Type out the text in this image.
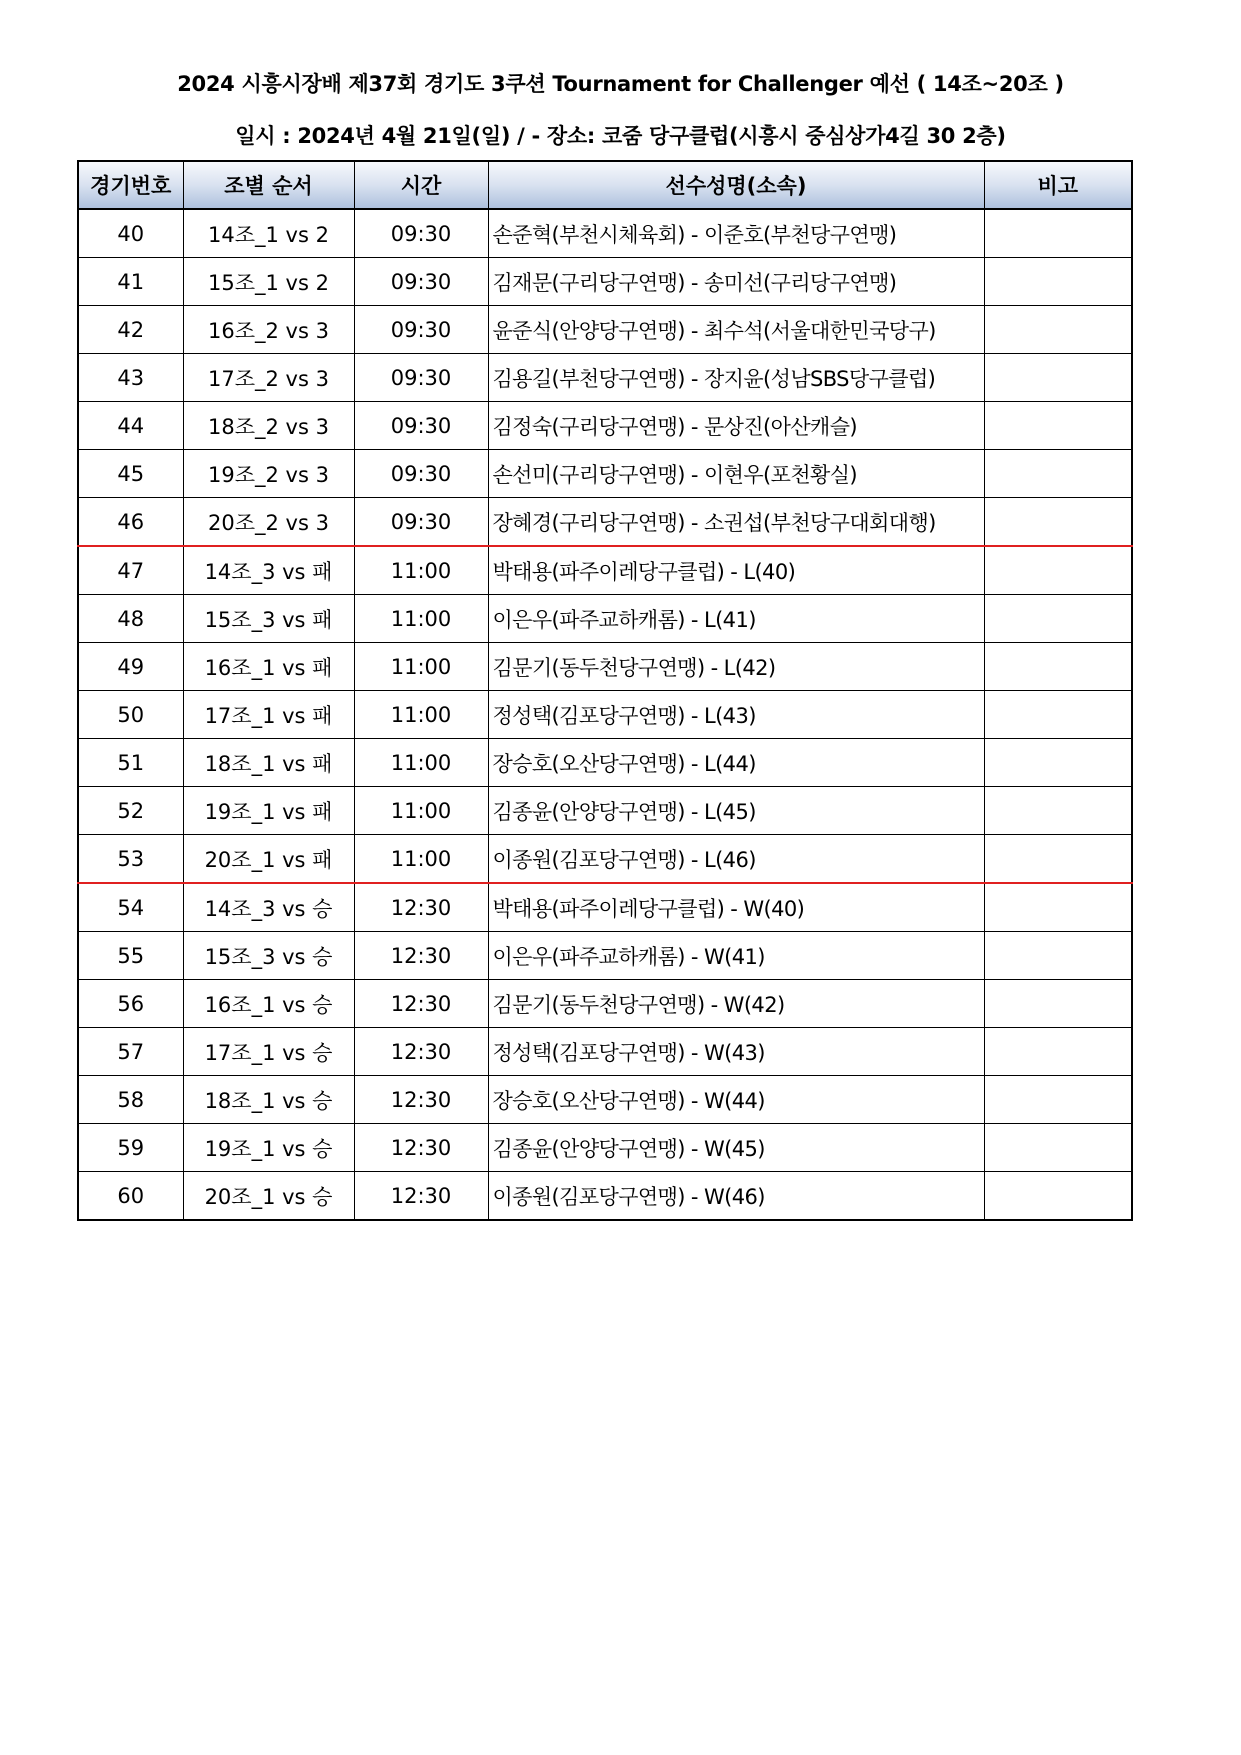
2024 시흥시장배 제37회 경기도 3쿠션 Tournament for Challenger 예선 ( 14조~20조 )
일시 : 2024년 4월 21일(일) / - 장소: 코줌 당구클럽(시흥시 중심상가4길 30 2층)
경기번호	조별 순서	시간	선수성명(소속)	비고
40	14조_1 vs 2	09:30	손준혁(부천시체육회) - 이준호(부천당구연맹)	
41	15조_1 vs 2	09:30	김재문(구리당구연맹) - 송미선(구리당구연맹)	
42	16조_2 vs 3	09:30	윤준식(안양당구연맹) - 최수석(서울대한민국당구)	
43	17조_2 vs 3	09:30	김용길(부천당구연맹) - 장지윤(성남SBS당구클럽)	
44	18조_2 vs 3	09:30	김정숙(구리당구연맹) - 문상진(아산캐슬)	
45	19조_2 vs 3	09:30	손선미(구리당구연맹) - 이현우(포천황실)	
46	20조_2 vs 3	09:30	장혜경(구리당구연맹) - 소권섭(부천당구대회대행)	
47	14조_3 vs 패	11:00	박태용(파주이레당구클럽) - L(40)	
48	15조_3 vs 패	11:00	이은우(파주교하캐롬) - L(41)	
49	16조_1 vs 패	11:00	김문기(동두천당구연맹) - L(42)	
50	17조_1 vs 패	11:00	정성택(김포당구연맹) - L(43)	
51	18조_1 vs 패	11:00	장승호(오산당구연맹) - L(44)	
52	19조_1 vs 패	11:00	김종윤(안양당구연맹) - L(45)	
53	20조_1 vs 패	11:00	이종원(김포당구연맹) - L(46)	
54	14조_3 vs 승	12:30	박태용(파주이레당구클럽) - W(40)	
55	15조_3 vs 승	12:30	이은우(파주교하캐롬) - W(41)	
56	16조_1 vs 승	12:30	김문기(동두천당구연맹) - W(42)	
57	17조_1 vs 승	12:30	정성택(김포당구연맹) - W(43)	
58	18조_1 vs 승	12:30	장승호(오산당구연맹) - W(44)	
59	19조_1 vs 승	12:30	김종윤(안양당구연맹) - W(45)	
60	20조_1 vs 승	12:30	이종원(김포당구연맹) - W(46)	
